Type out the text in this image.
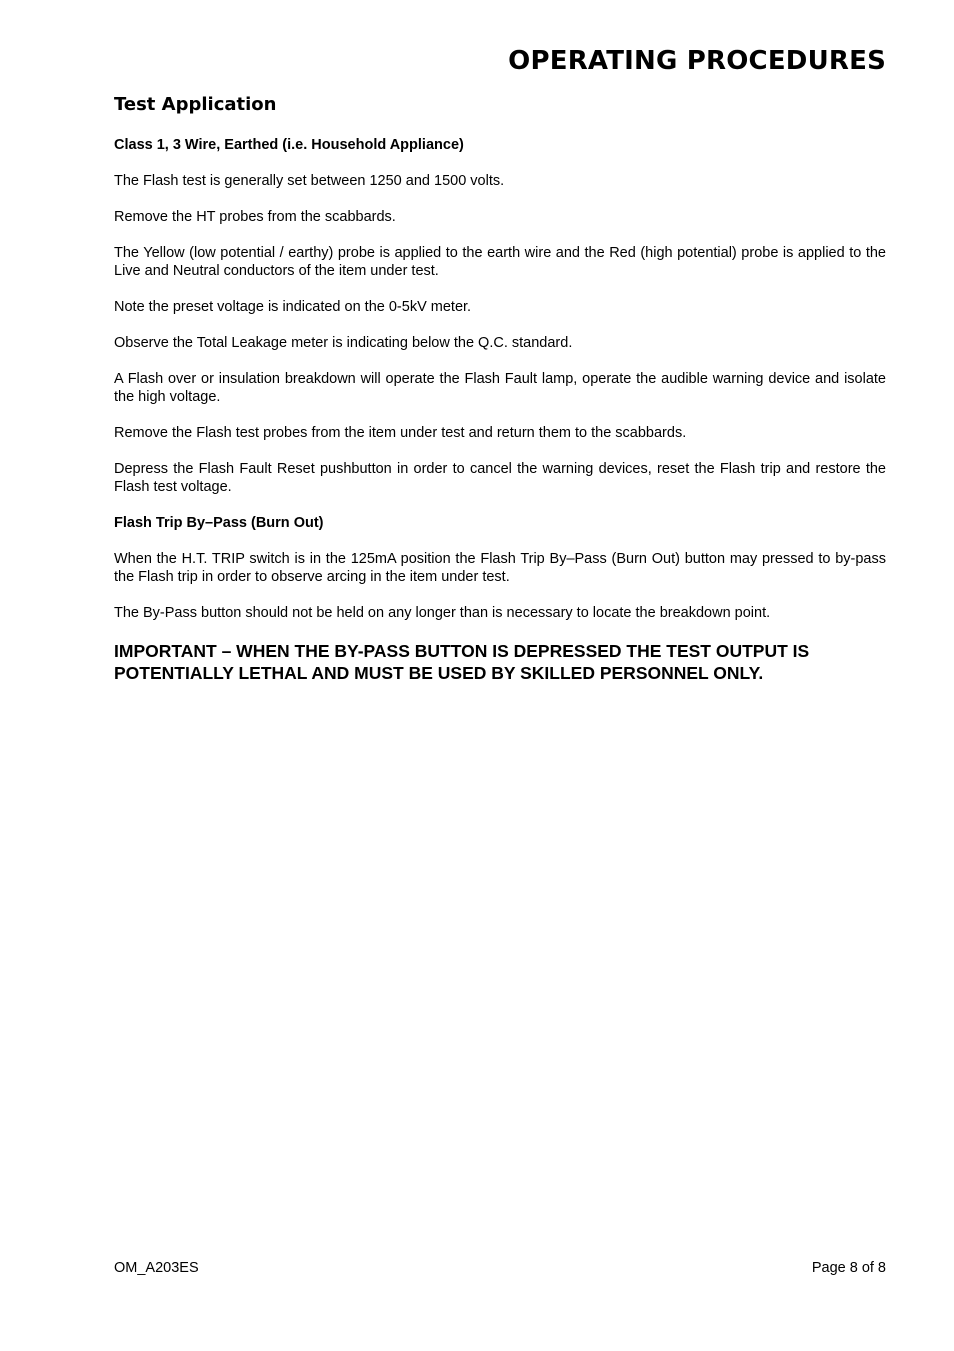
OPERATING PROCEDURES
Test Application

Class 1, 3 Wire, Earthed (i.e. Household Appliance)

The Flash test is generally set between 1250 and 1500 volts.

Remove the HT probes from the scabbards.

The Yellow (low potential / earthy) probe is applied to the earth wire and the Red (high potential) probe is applied to the Live and Neutral conductors of the item under test.

Note the preset voltage is indicated on the 0-5kV meter.

Observe the Total Leakage meter is indicating below the Q.C. standard.

A Flash over or insulation breakdown will operate the Flash Fault lamp, operate the audible warning device and isolate the high voltage.

Remove the Flash test probes from the item under test and return them to the scabbards.

Depress the Flash Fault Reset pushbutton in order to cancel the warning devices, reset the Flash trip and restore the Flash test voltage.

Flash Trip By–Pass (Burn Out)

When the H.T. TRIP switch is in the 125mA position the Flash Trip By–Pass (Burn Out) button may pressed to by-pass the Flash trip in order to observe arcing in the item under test.

The By-Pass button should not be held on any longer than is necessary to locate the breakdown point.

IMPORTANT – WHEN THE BY-PASS BUTTON IS DEPRESSED THE TEST OUTPUT IS POTENTIALLY LETHAL AND MUST BE USED BY SKILLED PERSONNEL ONLY.

OM_A203ES	Page 8 of 8
